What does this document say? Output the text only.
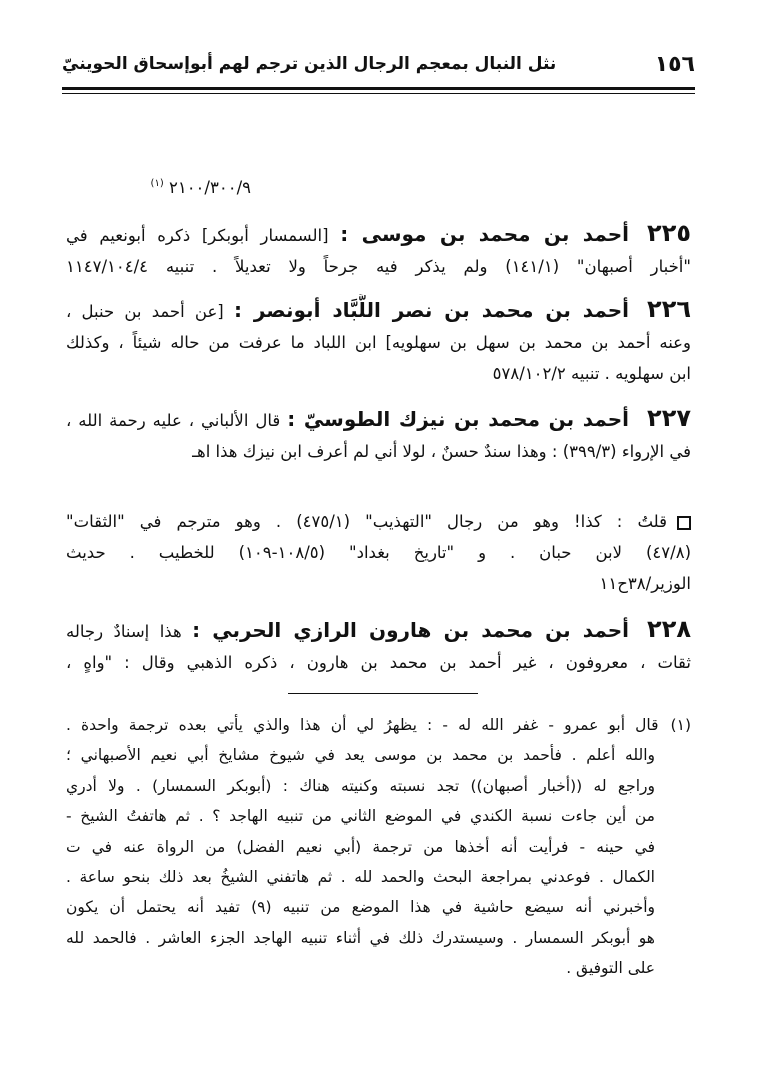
١٥٦
نثل النبال بمعجم الرجال الذين ترجم لهم أبوإسحاق الحوينيّ
٢١٠٠/٣٠٠/٩ $^{(١)}$
٢٢٥أحمد بن محمد بن موسى : [السمسار أبوبكر] ذكره أبونعيم في
"أخبار أصبهان" (١٤١/١) ولم يذكر فيه جرحاً ولا تعديلاً . تنبيه ١١٤٧/١٠٤/٤
٢٢٦أحمد بن محمد بن نصر اللَّبَّاد أبونصر : [عن أحمد بن حنبل ،
وعنه أحمد بن محمد بن سهل بن سهلويه] ابن اللباد ما عرفت من حاله شيئاً ، وكذلك
ابن سهلويه . تنبيه ٥٧٨/١٠٢/٢
٢٢٧أحمد بن محمد بن نيزك الطوسيّ : قال الألباني ، عليه رحمة الله ،
في الإرواء (٣٩٩/٣) : وهذا سندٌ حسنٌ ، لولا أني لم أعرف ابن نيزك هذا اهـ
قلتُ : كذا! وهو من رجال "التهذيب" (٤٧٥/١) . وهو مترجم في "الثقات"
(٤٧/٨) لابن حبان . و "تاريخ بغداد" (١٠٨/٥-١٠٩) للخطيب . حديث
الوزير/٣٨ح١١
٢٢٨أحمد بن محمد بن هارون الرازي الحربي : هذا إسنادٌ رجاله
ثقات ، معروفون ، غير أحمد بن محمد بن هارون ، ذكره الذهبي وقال : "واهٍ ،
(١)قال أبو عمرو - غفر الله له - : يظهرُ لي أن هذا والذي يأتي بعده ترجمة واحدة .
والله أعلم . فأحمد بن محمد بن موسى يعد في شيوخ مشايخ أبي نعيم الأصبهاني ؛
وراجع له ((أخبار أصبهان)) تجد نسبته وكنيته هناك : (أبوبكر السمسار) . ولا أدري
من أين جاءت نسبة الكندي في الموضع الثاني من تنبيه الهاجد ؟ . ثم هاتفتُ الشيخ -
في حينه - فرأيت أنه أخذها من ترجمة (أبي نعيم الفضل) من الرواة عنه في ت
الكمال . فوعدني بمراجعة البحث والحمد لله . ثم هاتفني الشيخُ بعد ذلك بنحو ساعة .
وأخبرني أنه سيضع حاشية في هذا الموضع من تنبيه (٩) تفيد أنه يحتمل أن يكون
هو أبوبكر السمسار . وسيستدرك ذلك في أثناء تنبيه الهاجد الجزء العاشر . فالحمد لله
على التوفيق .
